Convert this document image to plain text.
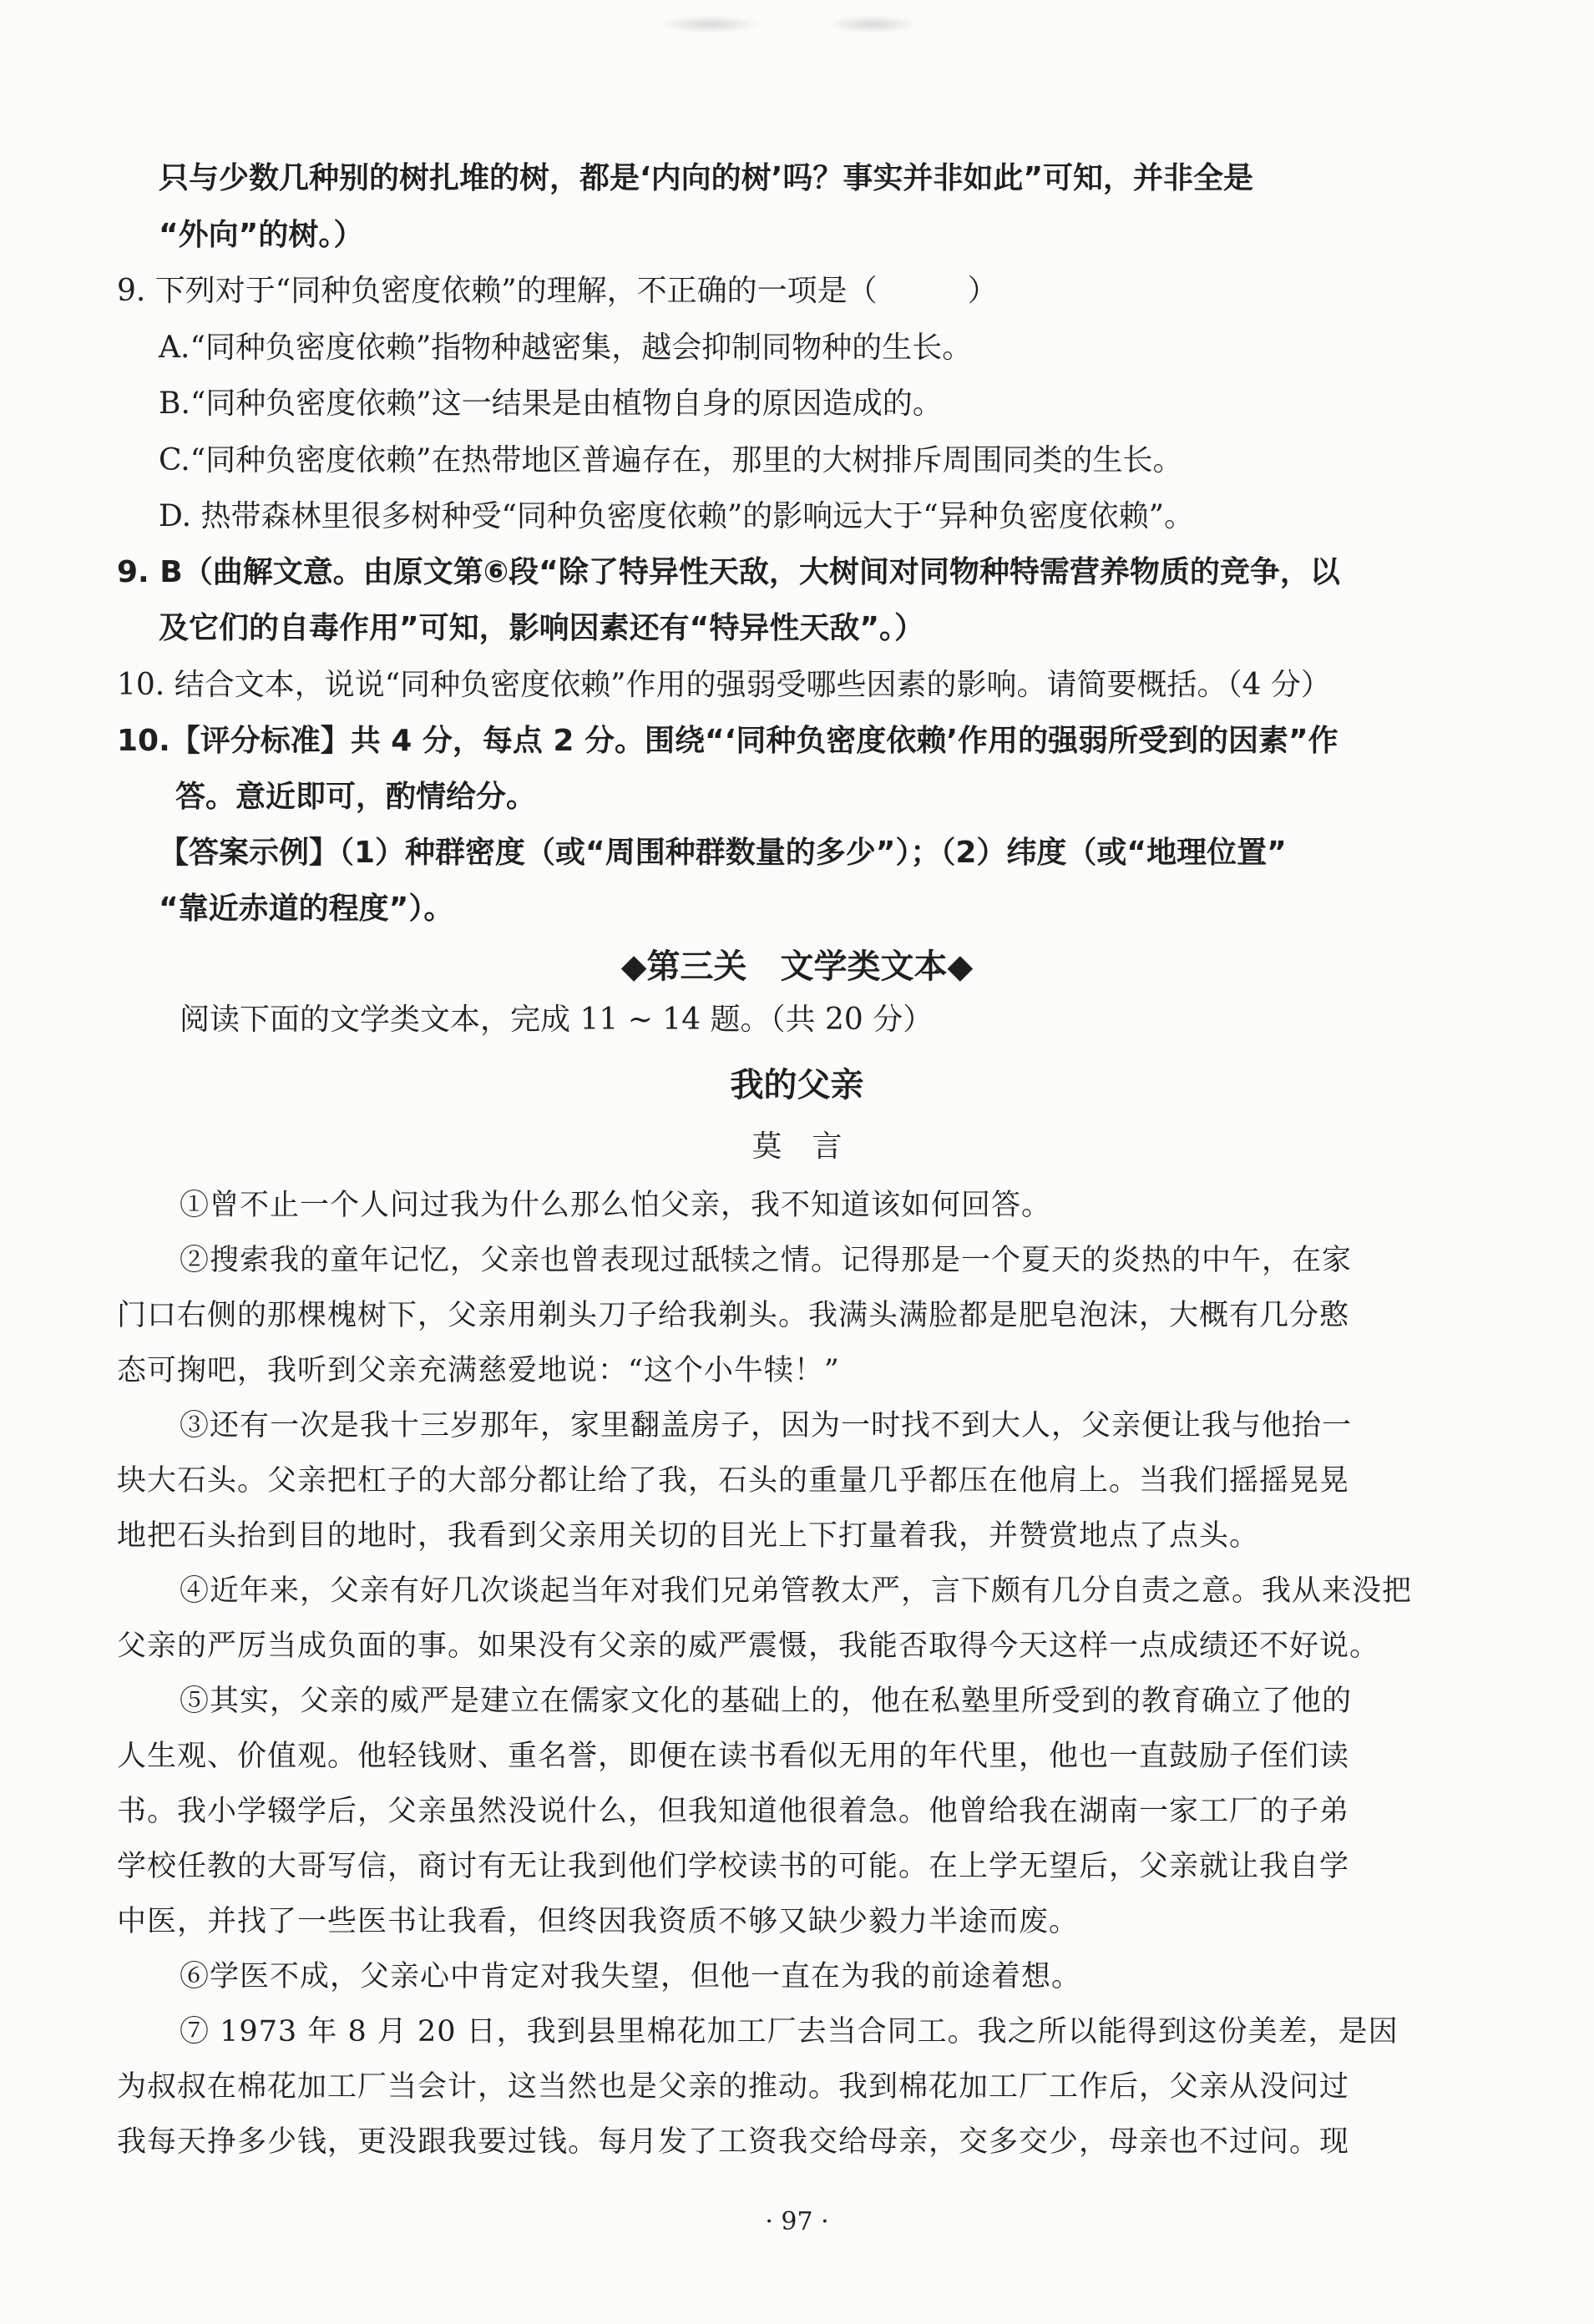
只与少数几种别的树扎堆的树，都是‘内向的树’吗？事实并非如此”可知，并非全是
“外向”的树。）
9. 下列对于“同种负密度依赖”的理解，不正确的一项是（　　　）
A.“同种负密度依赖”指物种越密集，越会抑制同物种的生长。
B.“同种负密度依赖”这一结果是由植物自身的原因造成的。
C.“同种负密度依赖”在热带地区普遍存在，那里的大树排斥周围同类的生长。
D. 热带森林里很多树种受“同种负密度依赖”的影响远大于“异种负密度依赖”。
9. B（曲解文意。由原文第⑥段“除了特异性天敌，大树间对同物种特需营养物质的竞争，以
及它们的自毒作用”可知，影响因素还有“特异性天敌”。）
10. 结合文本，说说“同种负密度依赖”作用的强弱受哪些因素的影响。请简要概括。（4 分）
10.【评分标准】共 4 分，每点 2 分。围绕“‘同种负密度依赖’作用的强弱所受到的因素”作
答。意近即可，酌情给分。
【答案示例】（1）种群密度（或“周围种群数量的多少”）；（2）纬度（或“地理位置”
“靠近赤道的程度”）。
◆第三关　文学类文本◆
阅读下面的文学类文本，完成 11 ~ 14 题。（共 20 分）
我的父亲
莫　言
①曾不止一个人问过我为什么那么怕父亲，我不知道该如何回答。
②搜索我的童年记忆，父亲也曾表现过舐犊之情。记得那是一个夏天的炎热的中午，在家
门口右侧的那棵槐树下，父亲用剃头刀子给我剃头。我满头满脸都是肥皂泡沫，大概有几分憨
态可掬吧，我听到父亲充满慈爱地说：“这个小牛犊！”
③还有一次是我十三岁那年，家里翻盖房子，因为一时找不到大人，父亲便让我与他抬一
块大石头。父亲把杠子的大部分都让给了我，石头的重量几乎都压在他肩上。当我们摇摇晃晃
地把石头抬到目的地时，我看到父亲用关切的目光上下打量着我，并赞赏地点了点头。
④近年来，父亲有好几次谈起当年对我们兄弟管教太严，言下颇有几分自责之意。我从来没把
父亲的严厉当成负面的事。如果没有父亲的威严震慑，我能否取得今天这样一点成绩还不好说。
⑤其实，父亲的威严是建立在儒家文化的基础上的，他在私塾里所受到的教育确立了他的
人生观、价值观。他轻钱财、重名誉，即便在读书看似无用的年代里，他也一直鼓励子侄们读
书。我小学辍学后，父亲虽然没说什么，但我知道他很着急。他曾给我在湖南一家工厂的子弟
学校任教的大哥写信，商讨有无让我到他们学校读书的可能。在上学无望后，父亲就让我自学
中医，并找了一些医书让我看，但终因我资质不够又缺少毅力半途而废。
⑥学医不成，父亲心中肯定对我失望，但他一直在为我的前途着想。
⑦ 1973 年 8 月 20 日，我到县里棉花加工厂去当合同工。我之所以能得到这份美差，是因
为叔叔在棉花加工厂当会计，这当然也是父亲的推动。我到棉花加工厂工作后，父亲从没问过
我每天挣多少钱，更没跟我要过钱。每月发了工资我交给母亲，交多交少，母亲也不过问。现
· 97 ·
